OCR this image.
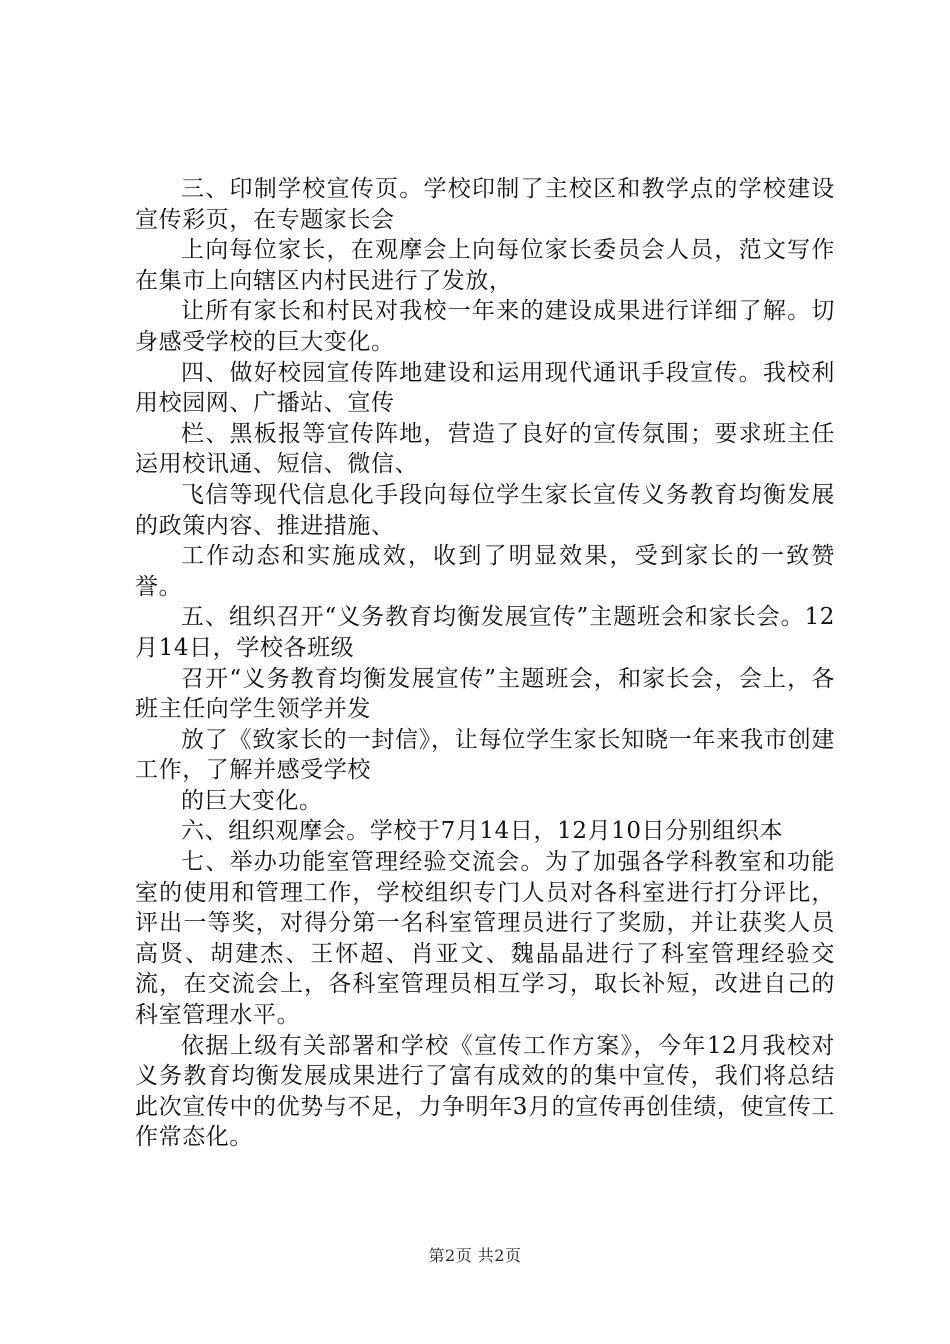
三、印制学校宣传页。学校印制了主校区和教学点的学校建设宣传彩页，在专题家长会

上向每位家长，在观摩会上向每位家长委员会人员，范文写作在集市上向辖区内村民进行了发放，

让所有家长和村民对我校一年来的建设成果进行详细了解。切身感受学校的巨大变化。

四、做好校园宣传阵地建设和运用现代通讯手段宣传。我校利用校园网、广播站、宣传

栏、黑板报等宣传阵地，营造了良好的宣传氛围；要求班主任运用校讯通、短信、微信、

飞信等现代信息化手段向每位学生家长宣传义务教育均衡发展的政策内容、推进措施、

工作动态和实施成效，收到了明显效果，受到家长的一致赞誉。

五、组织召开“义务教育均衡发展宣传”主题班会和家长会。12月14日，学校各班级

召开“义务教育均衡发展宣传”主题班会，和家长会，会上，各班主任向学生领学并发

放了《致家长的一封信》，让每位学生家长知晓一年来我市创建工作，了解并感受学校

的巨大变化。

六、组织观摩会。学校于7月14日，12月10日分别组织本

七、举办功能室管理经验交流会。为了加强各学科教室和功能室的使用和管理工作，学校组织专门人员对各科室进行打分评比，评出一等奖，对得分第一名科室管理员进行了奖励，并让获奖人员高贤、胡建杰、王怀超、肖亚文、魏晶晶进行了科室管理经验交流，在交流会上，各科室管理员相互学习，取长补短，改进自己的科室管理水平。

依据上级有关部署和学校《宣传工作方案》，今年12月我校对义务教育均衡发展成果进行了富有成效的的集中宣传，我们将总结此次宣传中的优势与不足，力争明年3月的宣传再创佳绩，使宣传工作常态化。

第2页 共2页
